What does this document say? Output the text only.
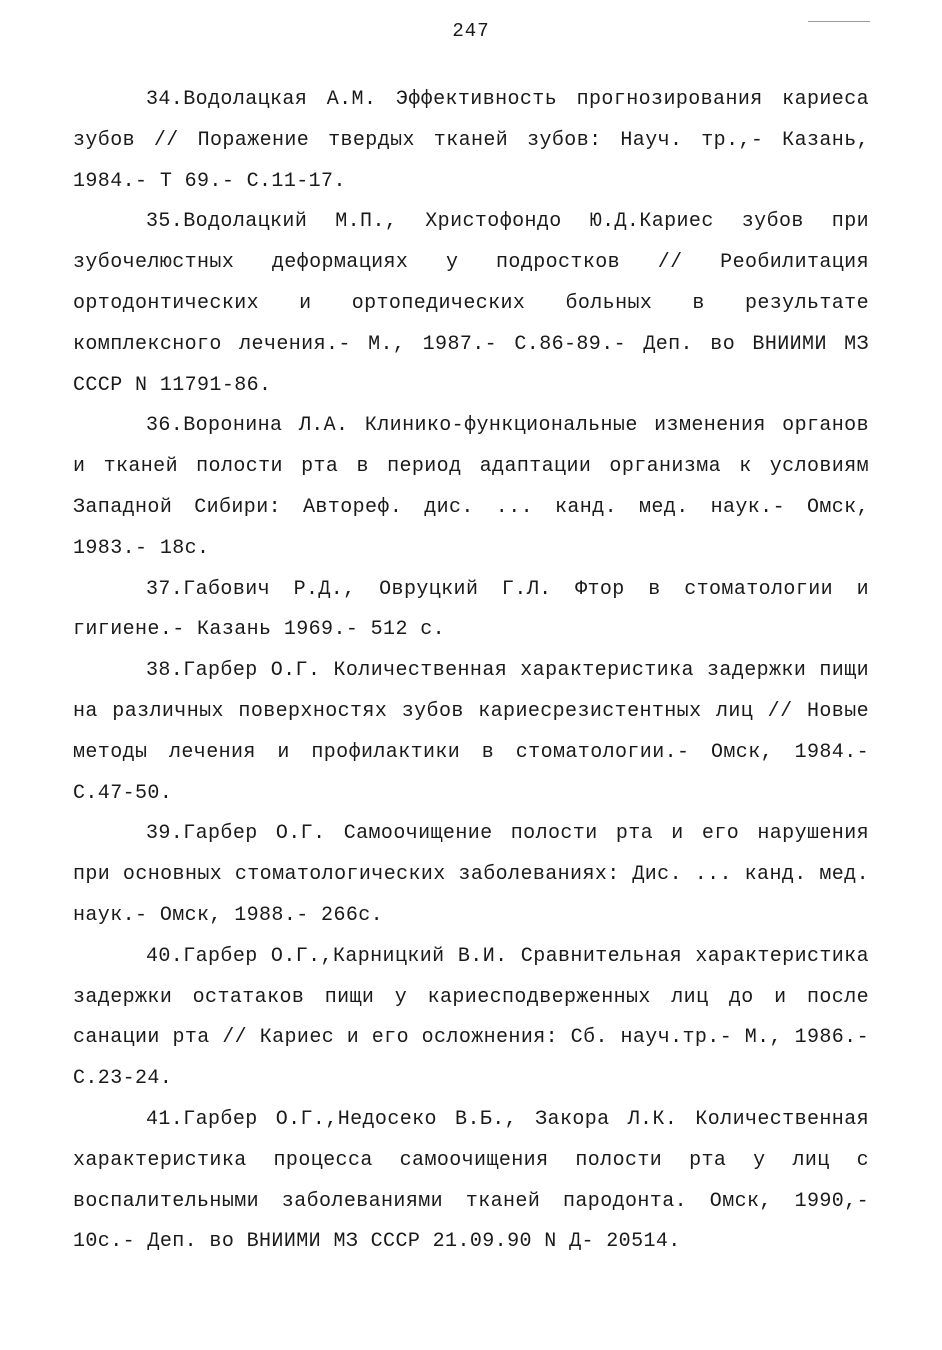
247

34.Водолацкая А.М. Эффективность прогнозирования кариеса зубов // Поражение твердых тканей зубов: Науч. тр.,- Казань, 1984.- Т 69.- С.11-17.

35.Водолацкий М.П., Христофондо Ю.Д.Кариес зубов при зубочелюстных деформациях у подростков // Реобилитация ортодонтических и ортопедических больных в результате комплексного лечения.- М., 1987.- С.86-89.- Деп. во ВНИИМИ МЗ СССР N 11791-86.

36.Воронина Л.А. Клинико-функциональные изменения органов и тканей полости рта в период адаптации организма к условиям Западной Сибири: Автореф. дис. ... канд. мед. наук.- Омск, 1983.- 18с.

37.Габович Р.Д., Овруцкий Г.Л. Фтор в стоматологии и гигиене.- Казань 1969.- 512 с.

38.Гарбер О.Г. Количественная характеристика задержки пищи на различных поверхностях зубов кариесрезистентных лиц // Новые методы лечения и профилактики в стоматологии.- Омск, 1984.- С.47-50.

39.Гарбер О.Г. Самоочищение полости рта и его нарушения при основных стоматологических заболеваниях: Дис. ... канд. мед. наук.- Омск, 1988.- 266с.

40.Гарбер О.Г.,Карницкий В.И. Сравнительная характеристика задержки остатаков пищи у кариесподверженных лиц до и после санации рта // Кариес и его осложнения: Сб. науч.тр.- М., 1986.- С.23-24.

41.Гарбер О.Г.,Недосеко В.Б., Закора Л.К. Количественная характеристика процесса самоочищения полости рта у лиц с воспалительными заболеваниями тканей пародонта. Омск, 1990,- 10с.- Деп. во ВНИИМИ МЗ СССР 21.09.90 N Д- 20514.
